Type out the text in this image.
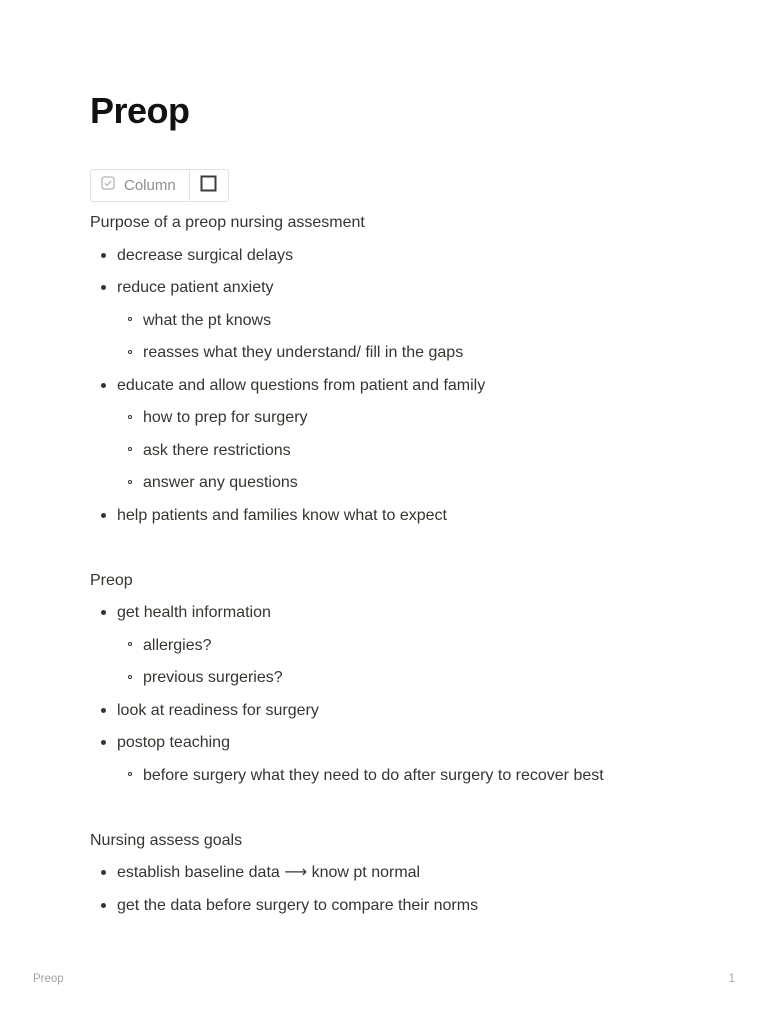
Preop
Column

Purpose of a preop nursing assesment

decrease surgical delays
reduce patient anxiety
what the pt knows
reasses what they understand/ fill in the gaps
educate and allow questions from patient and family
how to prep for surgery
ask there restrictions
answer any questions
help patients and families know what to expect

Preop

get health information
allergies?
previous surgeries?
look at readiness for surgery
postop teaching
before surgery what they need to do after surgery to recover best

Nursing assess goals

establish baseline data ⟶ know pt normal
get the data before surgery to compare their norms
Preop	1
